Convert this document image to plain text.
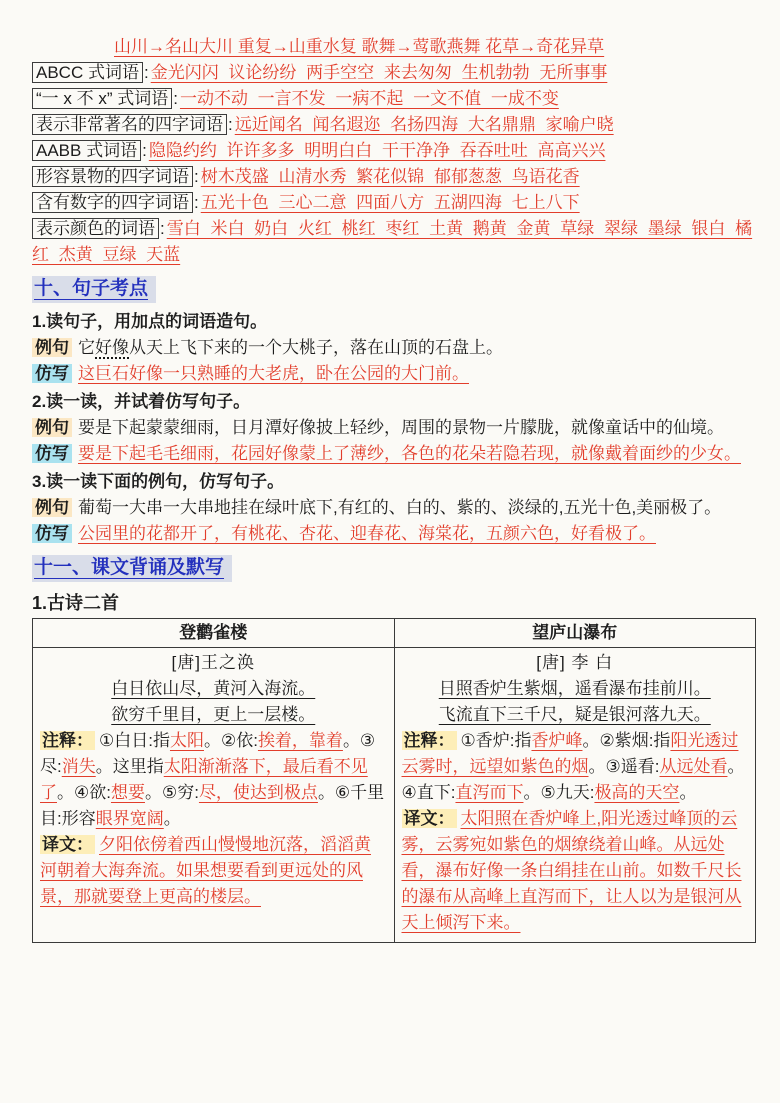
山川→名山大川 重复→山重水复 歌舞→莺歌燕舞 花草→奇花异草
ABCC 式词语 : 金光闪闪 议论纷纷 两手空空 来去匆匆 生机勃勃 无所事事
“一 x 不 x” 式词语 : 一动不动 一言不发 一病不起 一文不值 一成不变
表示非常著名的四字词语 : 远近闻名 闻名遐迩 名扬四海 大名鼎鼎 家喻户晓
AABB 式词语 : 隐隐约约 许许多多 明明白白 干干净净 吞吞吐吐 高高兴兴
形容景物的四字词语 : 树木茂盛 山清水秀 繁花似锦 郁郁葱葱 鸟语花香
含有数字的四字词语 : 五光十色 三心二意 四面八方 五湖四海 七上八下
表示颜色的词语 : 雪白 米白 奶白 火红 桃红 枣红 土黄 鹅黄 金黄 草绿 翠绿 墨绿 银白 橘红 杰黄 豆绿 天蓝
十、句子考点

1.读句子，用加点的词语造句。

例句 它好像从天上飞下来的一个大桃子，落在山顶的石盘上。

仿写 这巨石好像一只熟睡的大老虎，卧在公园的大门前。

2.读一读，并试着仿写句子。

例句 要是下起蒙蒙细雨，日月潭好像披上轻纱，周围的景物一片朦胧，就像童话中的仙境。

仿写 要是下起毛毛细雨，花园好像蒙上了薄纱，各色的花朵若隐若现，就像戴着面纱的少女。

3.读一读下面的例句，仿写句子。

例句 葡萄一大串一大串地挂在绿叶底下,有红的、白的、紫的、淡绿的,五光十色,美丽极了。

仿写 公园里的花都开了，有桃花、杏花、迎春花、海棠花，五颜六色，好看极了。

十一、课文背诵及默写
1.古诗二首
登鹳雀楼	望庐山瀑布

[唐]王之涣
白日依山尽，黄河入海流。
欲穷千里目，更上一层楼。

注释： ①白日:指太阳。②依:挨着，靠着。③尽:消失。这里指太阳渐渐落下，最后看不见了。④欲:想要。⑤穷:尽，使达到极点。⑥千里目:形容眼界宽阔。

译文： 夕阳依傍着西山慢慢地沉落，滔滔黄河朝着大海奔流。如果想要看到更远处的风景，那就要登上更高的楼层。

[唐] 李 白
日照香炉生紫烟，遥看瀑布挂前川。
飞流直下三千尺，疑是银河落九天。

注释： ①香炉:指香炉峰。②紫烟:指阳光透过云雾时，远望如紫色的烟。③遥看:从远处看。④直下:直泻而下。⑤九天:极高的天空。

译文： 太阳照在香炉峰上,阳光透过峰顶的云雾，云雾宛如紫色的烟缭绕着山峰。从远处看，瀑布好像一条白绢挂在山前。如数千尺长的瀑布从高峰上直泻而下，让人以为是银河从天上倾泻下来。
